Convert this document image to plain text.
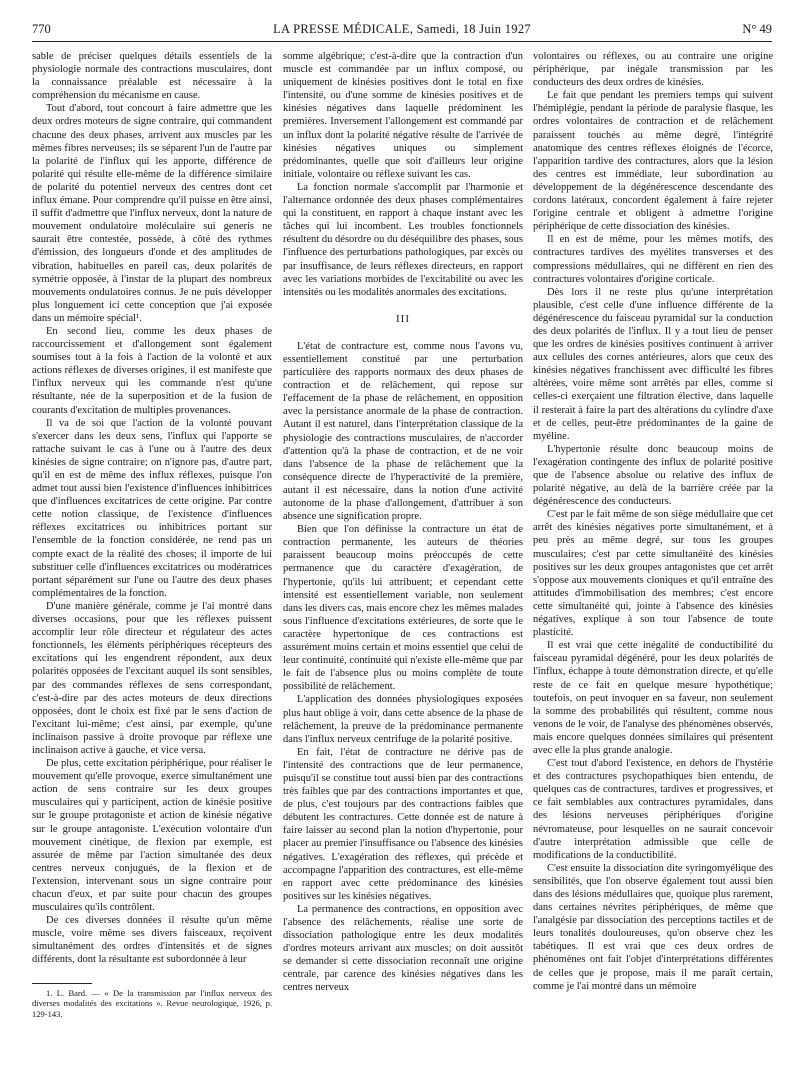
770	LA PRESSE MÉDICALE, Samedi, 18 Juin 1927	N° 49

sable de préciser quelques détails essentiels de la physiologie normale des contractions musculaires, dont la connaissance préalable est nécessaire à la compréhension du mécanisme en cause.

Tout d'abord, tout concourt à faire admettre que les deux ordres moteurs de signe contraire, qui commandent chacune des deux phases, arrivent aux muscles par les mêmes fibres nerveuses; ils se séparent l'un de l'autre par la polarité de l'influx qui les apporte, différence de polarité qui résulte elle-même de la différence similaire de polarité du potentiel nerveux des centres dont cet influx émane. Pour comprendre qu'il puisse en être ainsi, il suffit d'admettre que l'influx nerveux, dont la nature de mouvement ondulatoire moléculaire sui generis ne saurait être contestée, possède, à côté des rythmes d'émission, des longueurs d'onde et des amplitudes de vibration, habituelles en pareil cas, deux polarités de symétrie opposée, à l'instar de la plupart des nombreux mouvements ondulatoires connus. Je ne puis développer plus longuement ici cette conception que j'ai exposée dans un mémoire spécial¹.

En second lieu, comme les deux phases de raccourcissement et d'allongement sont également soumises tout à la fois à l'action de la volonté et aux actions réflexes de diverses origines, il est manifeste que l'influx nerveux qui les commande n'est qu'une résultante, née de la superposition et de la fusion de courants d'excitation de multiples provenances.

Il va de soi que l'action de la volonté pouvant s'exercer dans les deux sens, l'influx qui l'apporte se rattache suivant le cas à l'une ou à l'autre des deux kinésies de signe contraire; on n'ignore pas, d'autre part, qu'il en est de même des influx réflexes, puisque l'on admet tout aussi bien l'existence d'influences inhibitrices que d'influences excitatrices de cette origine. Par contre cette notion classique, de l'existence d'influences réflexes excitatrices ou inhibitrices portant sur l'ensemble de la fonction considérée, ne rend pas un compte exact de la réalité des choses; il importe de lui substituer celle d'influences excitatrices ou modératrices portant séparément sur l'une ou l'autre des deux phases complémentaires de la fonction.

D'une manière générale, comme je l'ai montré dans diverses occasions, pour que les réflexes puissent accomplir leur rôle directeur et régulateur des actes fonctionnels, les éléments périphériques récepteurs des excitations qui les engendrent répondent, aux deux polarités opposées de l'excitant auquel ils sont sensibles, par des commandes réflexes de sens correspondant, c'est-à-dire par des actes moteurs de deux directions opposées, dont le choix est fixé par le sens d'action de l'excitant lui-même; c'est ainsi, par exemple, qu'une inclinaison passive à droite provoque par réflexe une inclinaison active à gauche, et vice versa.

De plus, cette excitation périphérique, pour réaliser le mouvement qu'elle provoque, exerce simultanément une action de sens contraire sur les deux groupes musculaires qui y participent, action de kinésie positive sur le groupe protagoniste et action de kinésie négative sur le groupe antagoniste. L'exécution volontaire d'un mouvement cinétique, de flexion par exemple, est assurée de même par l'action simultanée des deux centres nerveux conjugués, de la flexion et de l'extension, intervenant sous un signe contraire pour chacun d'eux, et par suite pour chacun des groupes musculaires qu'ils contrôlent.

De ces diverses données il résulte qu'un même muscle, voire même ses divers faisceaux, reçoivent simultanément des ordres d'intensités et de signes différents, dont la résultante est subordonnée à leur

1. L. Bard. — « De la transmission par l'influx nerveux des diverses modalités des excitations ». Revue neurologique, 1926, p. 129-143.

somme algébrique; c'est-à-dire que la contraction d'un muscle est commandée par un influx composé, ou uniquement de kinésies positives dont le total en fixe l'intensité, ou d'une somme de kinésies positives et de kinésies négatives dans laquelle prédominent les premières. Inversement l'allongement est commandé par un influx dont la polarité négative résulte de l'arrivée de kinésies négatives uniques ou simplement prédominantes, quelle que soit d'ailleurs leur origine initiale, volontaire ou réflexe suivant les cas.

La fonction normale s'accomplit par l'harmonie et l'alternance ordonnée des deux phases complémentaires qui la constituent, en rapport à chaque instant avec les tâches qui lui incombent. Les troubles fonctionnels résultent du désordre ou du déséquilibre des phases, sous l'influence des perturbations pathologiques, par excès ou par insuffisance, de leurs réflexes directeurs, en rapport avec les variations morbides de l'excitabilité ou avec les intensités ou les modalités anormales des excitations.

III

L'état de contracture est, comme nous l'avons vu, essentiellement constitué par une perturbation particulière des rapports normaux des deux phases de contraction et de relâchement, qui repose sur l'effacement de la phase de relâchement, en opposition avec la persistance anormale de la phase de contraction. Autant il est naturel, dans l'interprétation classique de la physiologie des contractions musculaires, de n'accorder d'attention qu'à la phase de contraction, et de ne voir dans l'absence de la phase de relâchement que la conséquence directe de l'hyperactivité de la première, autant il est nécessaire, dans la notion d'une activité autonome de la phase d'allongement, d'attribuer à son absence une signification propre.

Bien que l'on définisse la contracture un état de contraction permanente, les auteurs de théories paraissent beaucoup moins préoccupés de cette permanence que du caractère d'exagération, de l'hypertonie, qu'ils lui attribuent; et cependant cette intensité est essentiellement variable, non seulement dans les divers cas, mais encore chez les mêmes malades sous l'influence d'excitations extérieures, de sorte que le caractère hypertonique de ces contractions est assurément moins certain et moins essentiel que celui de leur continuité, continuité qui n'existe elle-même que par le fait de l'absence plus ou moins complète de toute possibilité de relâchement.

L'application des données physiologiques exposées plus haut oblige à voir, dans cette absence de la phase de relâchement, la preuve de la prédominance permanente dans l'influx nerveux centrifuge de la polarité positive.

En fait, l'état de contracture ne dérive pas de l'intensité des contractions que de leur permanence, puisqu'il se constitue tout aussi bien par des contractions très faibles que par des contractions importantes et que, de plus, c'est toujours par des contractions faibles que débutent les contractures. Cette donnée est de nature à faire laisser au second plan la notion d'hypertonie, pour placer au premier l'insuffisance ou l'absence des kinésies négatives. L'exagération des réflexes, qui précède et accompagne l'apparition des contractures, est elle-même en rapport avec cette prédominance des kinésies positives sur les kinésies négatives.

La permanence des contractions, en opposition avec l'absence des relâchements, réalise une sorte de dissociation pathologique entre les deux modalités d'ordres moteurs arrivant aux muscles; on doit aussitôt se demander si cette dissociation reconnaît une origine centrale, par carence des kinésies négatives dans les centres nerveux

volontaires ou réflexes, ou au contraire une origine périphérique, par inégale transmission par les conducteurs des deux ordres de kinésies.

Le fait que pendant les premiers temps qui suivent l'hémiplégie, pendant la période de paralysie flasque, les ordres volontaires de contraction et de relâchement paraissent touchés au même degré, l'intégrité anatomique des centres réflexes éloignés de l'écorce, l'apparition tardive des contractures, alors que la lésion des centres est immédiate, leur subordination au développement de la dégénérescence descendante des cordons latéraux, concordent également à faire rejeter l'origine centrale et obligent à admettre l'origine périphérique de cette dissociation des kinésies.

Il en est de même, pour les mêmes motifs, des contractures tardives des myélites transverses et des compressions médullaires, qui ne diffèrent en rien des contractures volontaires d'origine corticale.

Dès lors il ne reste plus qu'une interprétation plausible, c'est celle d'une influence différente de la dégénérescence du faisceau pyramidal sur la conduction des deux polarités de l'influx. Il y a tout lieu de penser que les ordres de kinésies positives continuent à arriver aux cellules des cornes antérieures, alors que ceux des kinésies négatives franchissent avec difficulté les fibres altérées, voire même sont arrêtés par elles, comme si celles-ci exerçaient une filtration élective, dans laquelle il resterait à faire la part des altérations du cylindre d'axe et de celles, peut-être prédominantes de la gaine de myéline.

L'hypertonie résulte donc beaucoup moins de l'exagération contingente des influx de polarité positive que de l'absence absolue ou relative des influx de polarité négative, au delà de la barrière créée par la dégénérescence des conducteurs.

C'est par le fait même de son siège médullaire que cet arrêt des kinésies négatives porte simultanément, et à peu près au même degré, sur tous les groupes musculaires; c'est par cette simultanéité des kinésies positives sur les deux groupes antagonistes que cet arrêt s'oppose aux mouvements cloniques et qu'il entraîne des attitudes d'immobilisation des membres; c'est encore cette simultanéité qui, jointe à l'absence des kinésies négatives, explique à son tour l'absence de toute plasticité.

Il est vrai que cette inégalité de conductibilité du faisceau pyramidal dégénéré, pour les deux polarités de l'influx, échappe à toute démonstration directe, et qu'elle reste de ce fait en quelque mesure hypothétique; toutefois, on peut invoquer en sa faveur, non seulement la somme des probabilités qui résultent, comme nous venons de le voir, de l'analyse des phénomènes observés, mais encore quelques données similaires qui présentent avec elle la plus grande analogie.

C'est tout d'abord l'existence, en dehors de l'hystérie et des contractures psychopathiques bien entendu, de quelques cas de contractures, tardives et progressives, et ce fait semblables aux contractures pyramidales, dans des lésions nerveuses périphériques d'origine névromateuse, pour lesquelles on ne saurait concevoir d'autre interprétation admissible que celle de modifications de la conductibilité.

C'est ensuite la dissociation dite syringomyélique des sensibilités, que l'on observe également tout aussi bien dans des lésions médullaires que, quoique plus rarement, dans certaines névrites périphériques, de même que l'analgésie par dissociation des perceptions tactiles et de leurs tonalités douloureuses, qu'on observe chez les tabétiques. Il est vrai que ces deux ordres de phénomènes ont fait l'objet d'interprétations différentes de celles que je propose, mais il me paraît certain, comme je l'ai montré dans un mémoire
